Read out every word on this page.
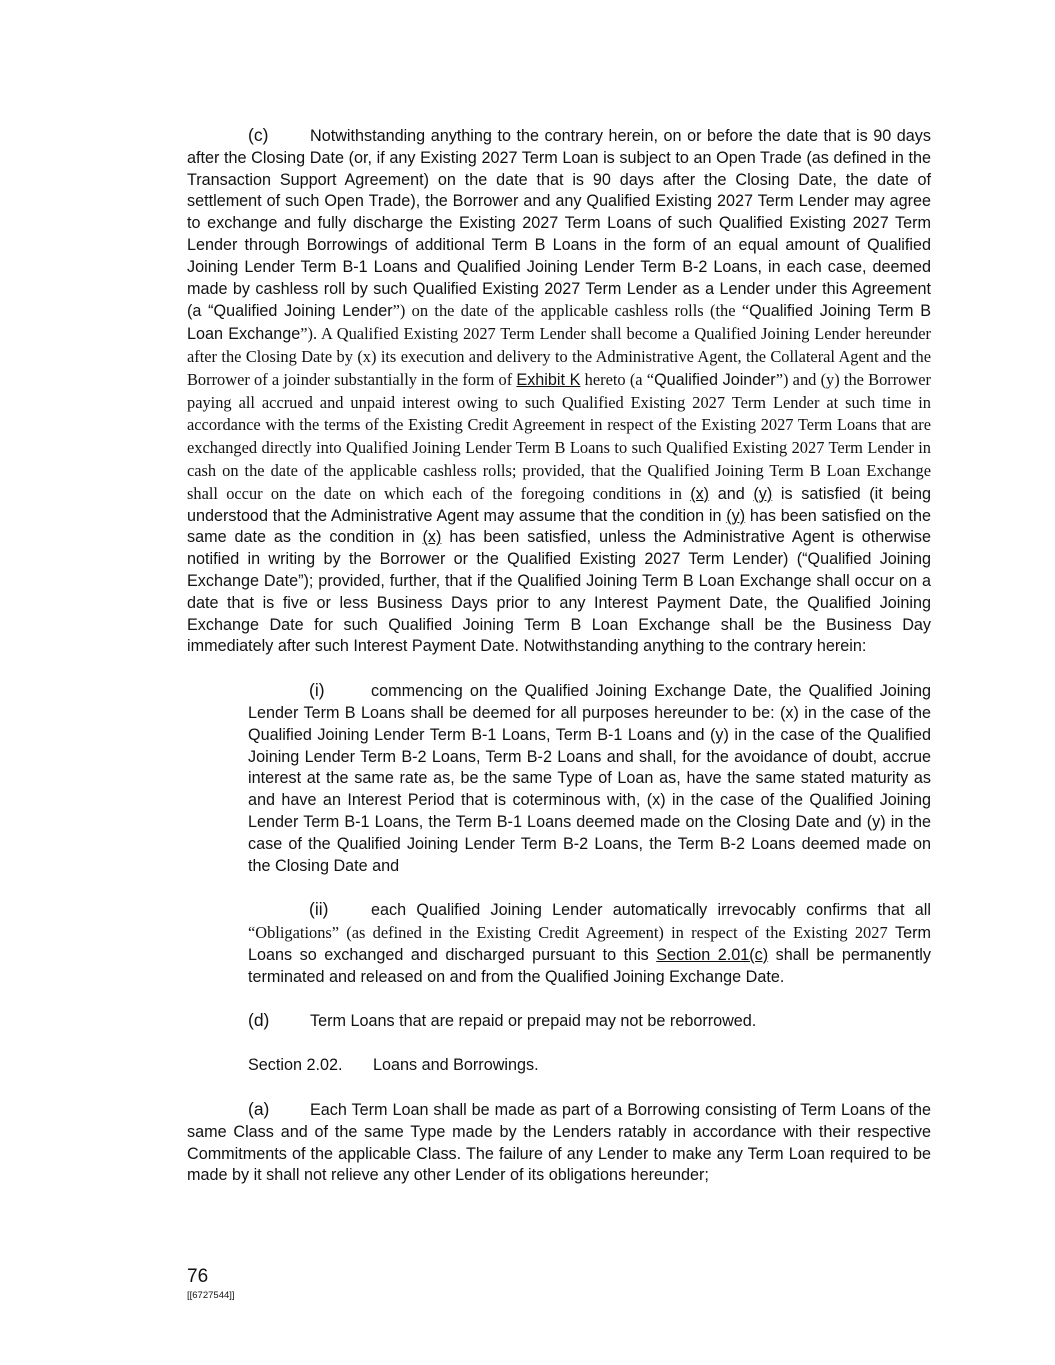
(c)	Notwithstanding anything to the contrary herein, on or before the date that is 90 days after the Closing Date (or, if any Existing 2027 Term Loan is subject to an Open Trade (as defined in the Transaction Support Agreement) on the date that is 90 days after the Closing Date, the date of settlement of such Open Trade), the Borrower and any Qualified Existing 2027 Term Lender may agree to exchange and fully discharge the Existing 2027 Term Loans of such Qualified Existing 2027 Term Lender through Borrowings of additional Term B Loans in the form of an equal amount of Qualified Joining Lender Term B-1 Loans and Qualified Joining Lender Term B-2 Loans, in each case, deemed made by cashless roll by such Qualified Existing 2027 Term Lender as a Lender under this Agreement (a “Qualified Joining Lender”) on the date of the applicable cashless rolls (the “Qualified Joining Term B Loan Exchange”). A Qualified Existing 2027 Term Lender shall become a Qualified Joining Lender hereunder after the Closing Date by (x) its execution and delivery to the Administrative Agent, the Collateral Agent and the Borrower of a joinder substantially in the form of Exhibit K hereto (a “Qualified Joinder”) and (y) the Borrower paying all accrued and unpaid interest owing to such Qualified Existing 2027 Term Lender at such time in accordance with the terms of the Existing Credit Agreement in respect of the Existing 2027 Term Loans that are exchanged directly into Qualified Joining Lender Term B Loans to such Qualified Existing 2027 Term Lender in cash on the date of the applicable cashless rolls; provided, that the Qualified Joining Term B Loan Exchange shall occur on the date on which each of the foregoing conditions in (x) and (y) is satisfied (it being understood that the Administrative Agent may assume that the condition in (y) has been satisfied on the same date as the condition in (x) has been satisfied, unless the Administrative Agent is otherwise notified in writing by the Borrower or the Qualified Existing 2027 Term Lender) (“Qualified Joining Exchange Date”); provided, further, that if the Qualified Joining Term B Loan Exchange shall occur on a date that is five or less Business Days prior to any Interest Payment Date, the Qualified Joining Exchange Date for such Qualified Joining Term B Loan Exchange shall be the Business Day immediately after such Interest Payment Date. Notwithstanding anything to the contrary herein:

(i)	commencing on the Qualified Joining Exchange Date, the Qualified Joining Lender Term B Loans shall be deemed for all purposes hereunder to be: (x) in the case of the Qualified Joining Lender Term B-1 Loans, Term B-1 Loans and (y) in the case of the Qualified Joining Lender Term B-2 Loans, Term B-2 Loans and shall, for the avoidance of doubt, accrue interest at the same rate as, be the same Type of Loan as, have the same stated maturity as and have an Interest Period that is coterminous with, (x) in the case of the Qualified Joining Lender Term B-1 Loans, the Term B-1 Loans deemed made on the Closing Date and (y) in the case of the Qualified Joining Lender Term B-2 Loans, the Term B-2 Loans deemed made on the Closing Date and

(ii)	each Qualified Joining Lender automatically irrevocably confirms that all “Obligations” (as defined in the Existing Credit Agreement) in respect of the Existing 2027 Term Loans so exchanged and discharged pursuant to this Section 2.01(c) shall be permanently terminated and released on and from the Qualified Joining Exchange Date.

(d)	Term Loans that are repaid or prepaid may not be reborrowed.

Section 2.02. Loans and Borrowings.

(a)	Each Term Loan shall be made as part of a Borrowing consisting of Term Loans of the same Class and of the same Type made by the Lenders ratably in accordance with their respective Commitments of the applicable Class. The failure of any Lender to make any Term Loan required to be made by it shall not relieve any other Lender of its obligations hereunder;

76
[[6727544]]
